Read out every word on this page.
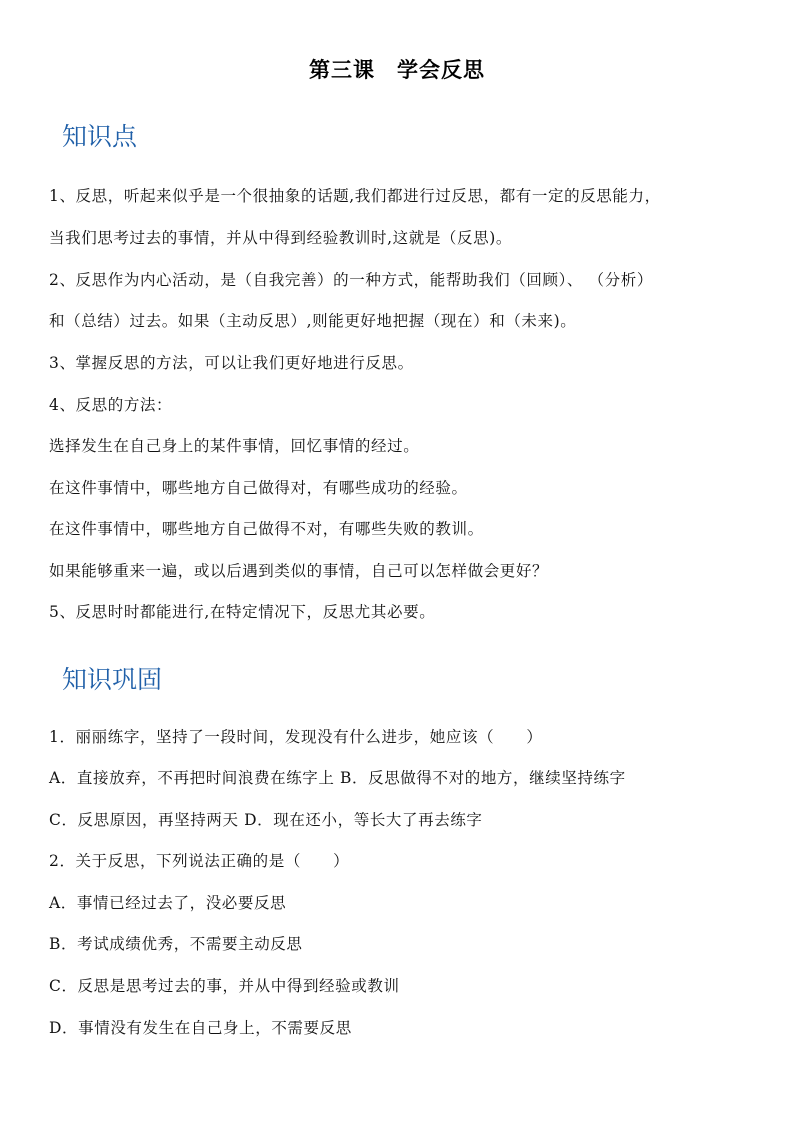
第三课　学会反思
知识点
1、反思，听起来似乎是一个很抽象的话题,我们都进行过反思，都有一定的反思能力，
当我们思考过去的事情，并从中得到经验教训时,这就是（反思)。
2、反思作为内心活动，是（自我完善）的一种方式，能帮助我们（回顾）、 （分析）
和（总结）过去。如果（主动反思）,则能更好地把握（现在）和（未来)。
3、掌握反思的方法，可以让我们更好地进行反思。
4、反思的方法：
选择发生在自己身上的某件事情，回忆事情的经过。
在这件事情中，哪些地方自己做得对，有哪些成功的经验。
在这件事情中，哪些地方自己做得不对，有哪些失败的教训。
如果能够重来一遍，或以后遇到类似的事情，自己可以怎样做会更好？
5、反思时时都能进行,在特定情况下，反思尤其必要。
知识巩固
1．丽丽练字，坚持了一段时间，发现没有什么进步，她应该（　　）
A．直接放弃，不再把时间浪费在练字上 B．反思做得不对的地方，继续坚持练字
C．反思原因，再坚持两天 D．现在还小，等长大了再去练字
2．关于反思，下列说法正确的是（　　）
A．事情已经过去了，没必要反思
B．考试成绩优秀，不需要主动反思
C．反思是思考过去的事，并从中得到经验或教训
D．事情没有发生在自己身上，不需要反思
